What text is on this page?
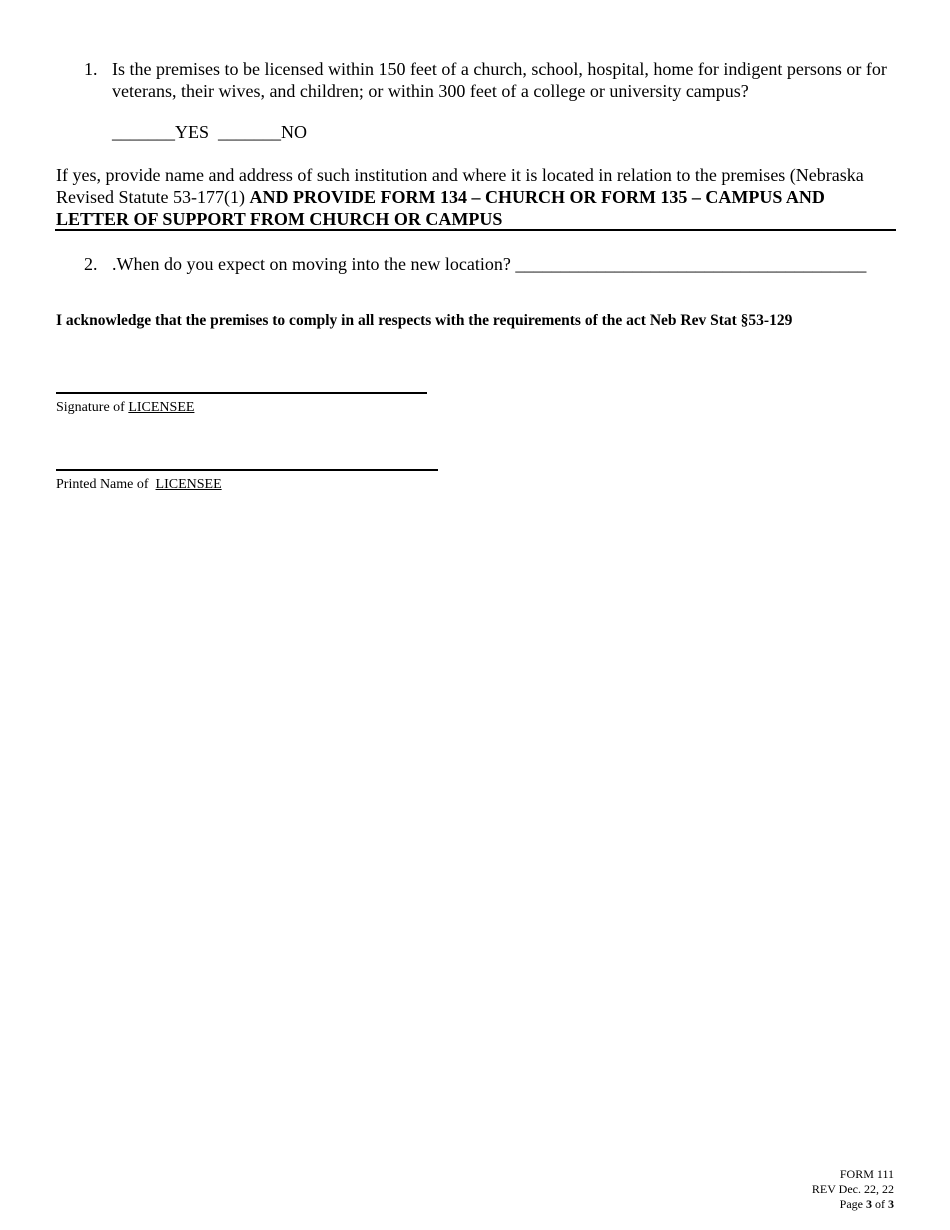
1. Is the premises to be licensed within 150 feet of a church, school, hospital, home for indigent persons or for veterans, their wives, and children; or within 300 feet of a college or university campus?
_______YES _______NO
If yes, provide name and address of such institution and where it is located in relation to the premises (Nebraska Revised Statute 53-177(1) AND PROVIDE FORM 134 – CHURCH OR FORM 135 – CAMPUS AND LETTER OF SUPPORT FROM CHURCH OR CAMPUS
2. .When do you expect on moving into the new location? _______________________________________
I acknowledge that the premises to comply in all respects with the requirements of the act Neb Rev Stat §53-129
Signature of LICENSEE
Printed Name of  LICENSEE
FORM 111
REV Dec. 22, 22
Page 3 of 3
